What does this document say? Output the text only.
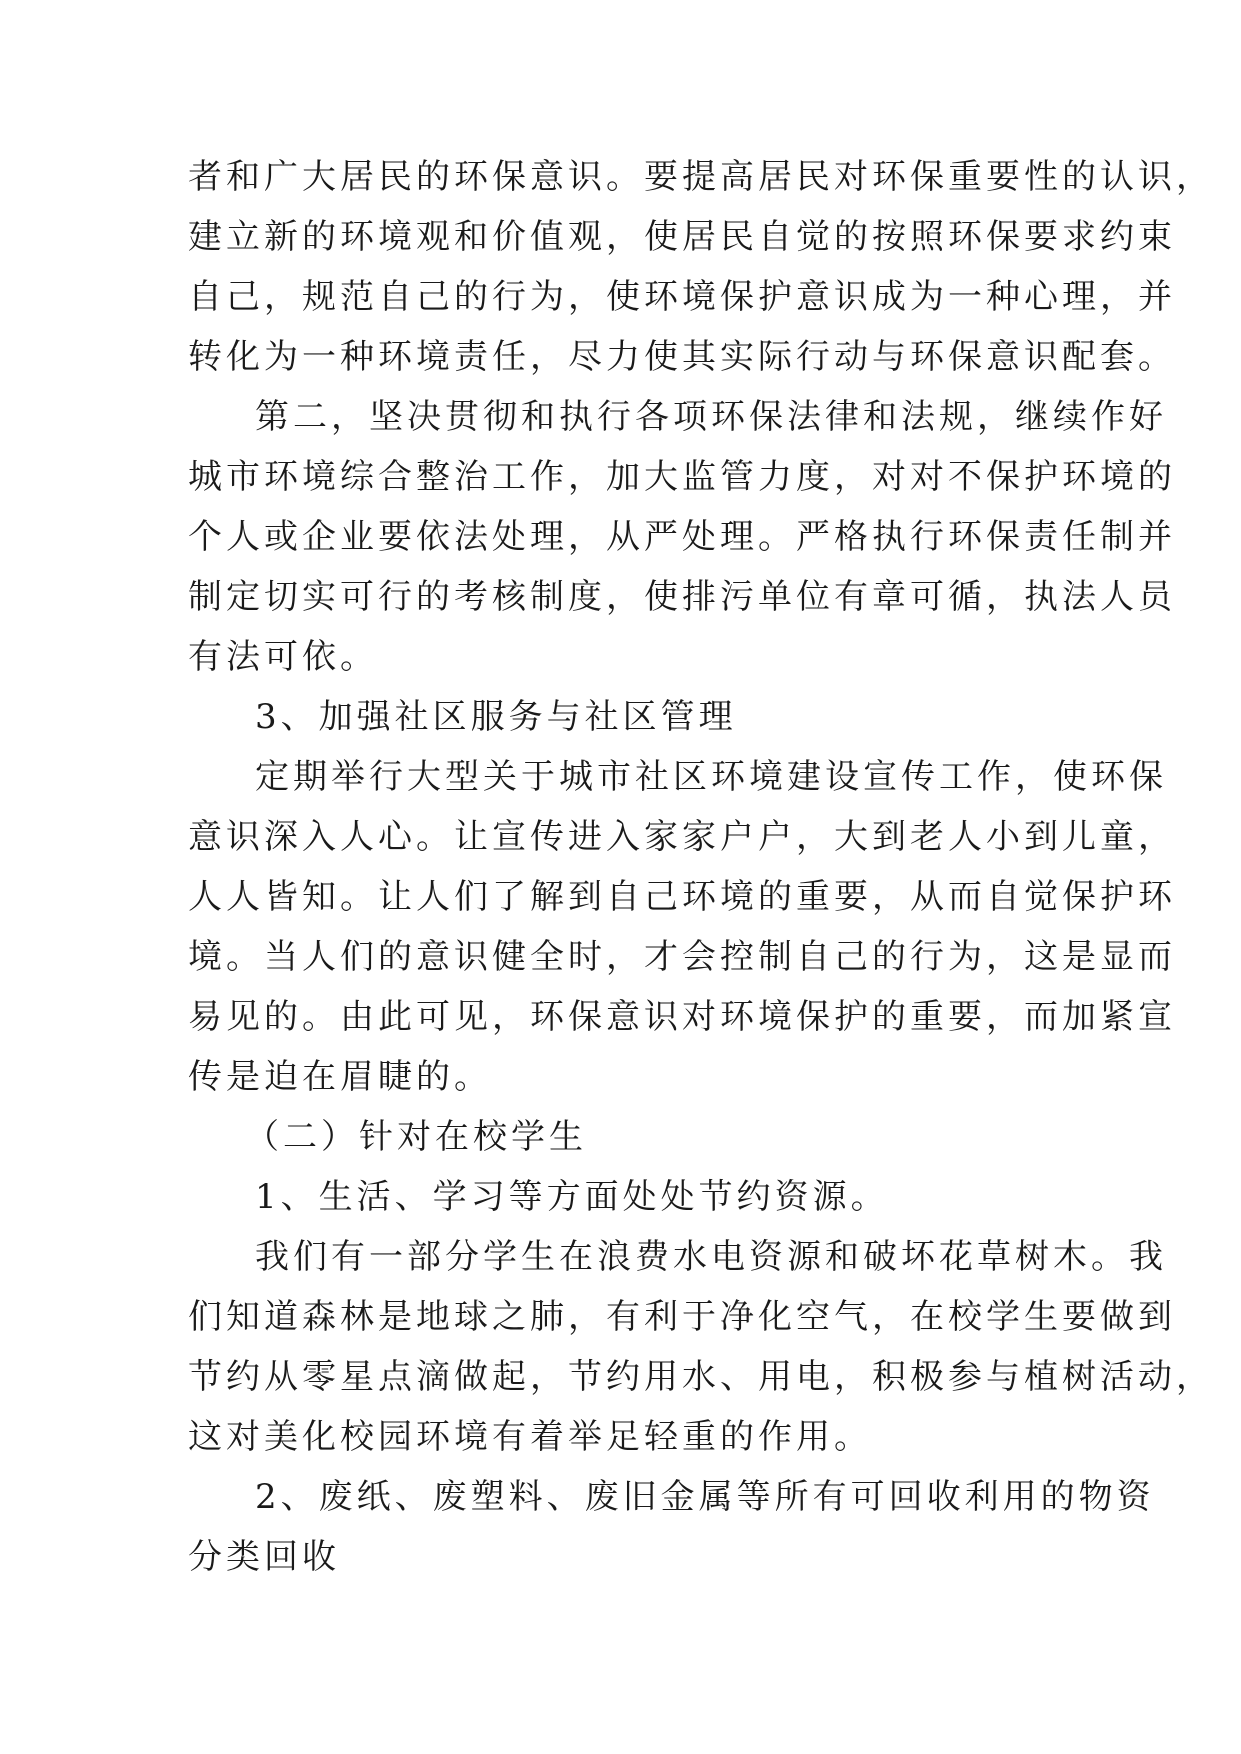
者和广大居民的环保意识。要提高居民对环保重要性的认识，
建立新的环境观和价值观，使居民自觉的按照环保要求约束
自己，规范自己的行为，使环境保护意识成为一种心理，并
转化为一种环境责任，尽力使其实际行动与环保意识配套。
第二，坚决贯彻和执行各项环保法律和法规，继续作好
城市环境综合整治工作，加大监管力度，对对不保护环境的
个人或企业要依法处理，从严处理。严格执行环保责任制并
制定切实可行的考核制度，使排污单位有章可循，执法人员
有法可依。
3、加强社区服务与社区管理
定期举行大型关于城市社区环境建设宣传工作，使环保
意识深入人心。让宣传进入家家户户，大到老人小到儿童，
人人皆知。让人们了解到自己环境的重要，从而自觉保护环
境。当人们的意识健全时，才会控制自己的行为，这是显而
易见的。由此可见，环保意识对环境保护的重要，而加紧宣
传是迫在眉睫的。
（二）针对在校学生
1、生活、学习等方面处处节约资源。
我们有一部分学生在浪费水电资源和破坏花草树木。我
们知道森林是地球之肺，有利于净化空气，在校学生要做到
节约从零星点滴做起，节约用水、用电，积极参与植树活动，
这对美化校园环境有着举足轻重的作用。
2、废纸、废塑料、废旧金属等所有可回收利用的物资
分类回收
